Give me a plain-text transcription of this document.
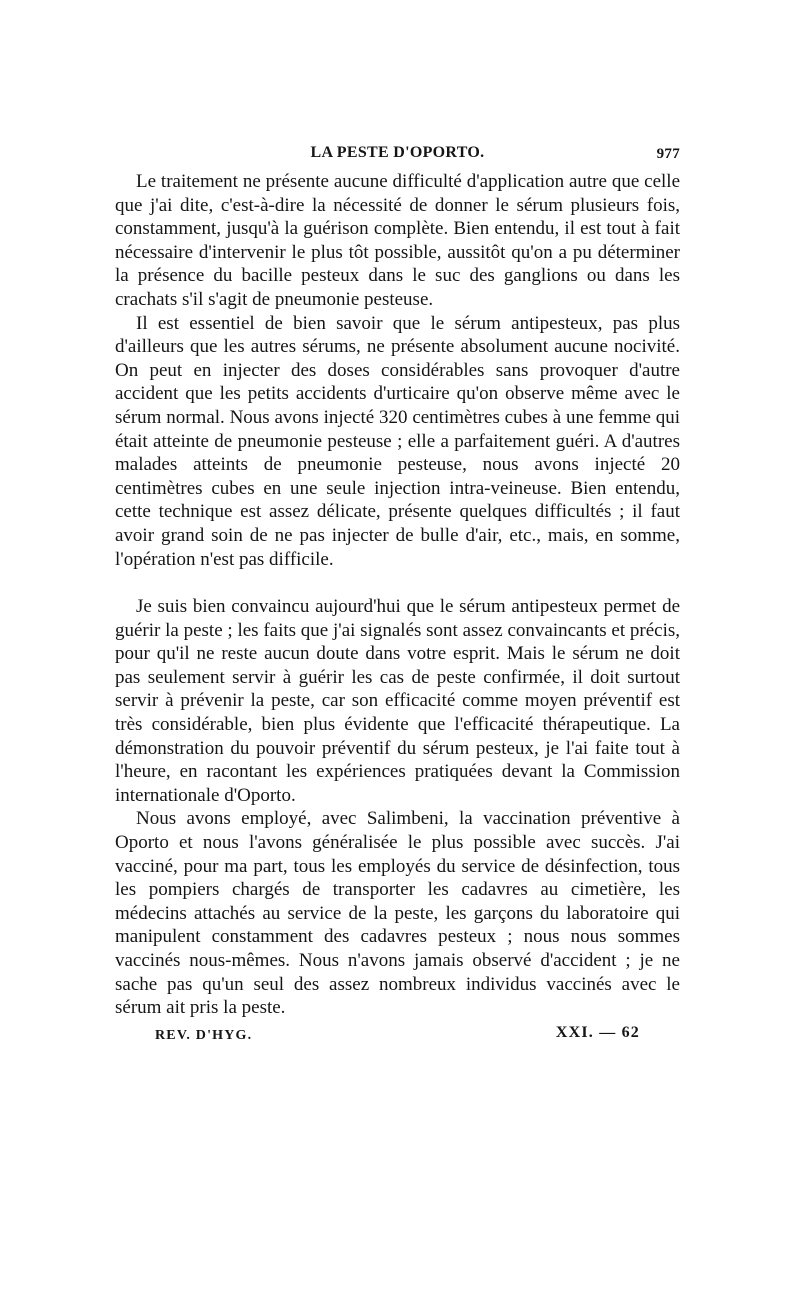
LA PESTE D'OPORTO.	977

Le traitement ne présente aucune difficulté d'application autre que celle que j'ai dite, c'est-à-dire la nécessité de donner le sérum plusieurs fois, constamment, jusqu'à la guérison complète. Bien entendu, il est tout à fait nécessaire d'intervenir le plus tôt possible, aussitôt qu'on a pu déterminer la présence du bacille pesteux dans le suc des ganglions ou dans les crachats s'il s'agit de pneumonie pesteuse.

Il est essentiel de bien savoir que le sérum antipesteux, pas plus d'ailleurs que les autres sérums, ne présente absolument aucune nocivité. On peut en injecter des doses considérables sans provoquer d'autre accident que les petits accidents d'urticaire qu'on observe même avec le sérum normal. Nous avons injecté 320 centimètres cubes à une femme qui était atteinte de pneumonie pesteuse ; elle a parfaitement guéri. A d'autres malades atteints de pneumonie pesteuse, nous avons injecté 20 centimètres cubes en une seule injection intra-veineuse. Bien entendu, cette technique est assez délicate, présente quelques difficultés ; il faut avoir grand soin de ne pas injecter de bulle d'air, etc., mais, en somme, l'opération n'est pas difficile.

Je suis bien convaincu aujourd'hui que le sérum antipesteux permet de guérir la peste ; les faits que j'ai signalés sont assez convaincants et précis, pour qu'il ne reste aucun doute dans votre esprit. Mais le sérum ne doit pas seulement servir à guérir les cas de peste confirmée, il doit surtout servir à prévenir la peste, car son efficacité comme moyen préventif est très considérable, bien plus évidente que l'efficacité thérapeutique. La démonstration du pouvoir préventif du sérum pesteux, je l'ai faite tout à l'heure, en racontant les expériences pratiquées devant la Commission internationale d'Oporto.

Nous avons employé, avec Salimbeni, la vaccination préventive à Oporto et nous l'avons généralisée le plus possible avec succès. J'ai vacciné, pour ma part, tous les employés du service de désinfection, tous les pompiers chargés de transporter les cadavres au cimetière, les médecins attachés au service de la peste, les garçons du laboratoire qui manipulent constamment des cadavres pesteux ; nous nous sommes vaccinés nous-mêmes. Nous n'avons jamais observé d'accident ; je ne sache pas qu'un seul des assez nombreux individus vaccinés avec le sérum ait pris la peste.

REV. D'HYG.	XXI. — 62
